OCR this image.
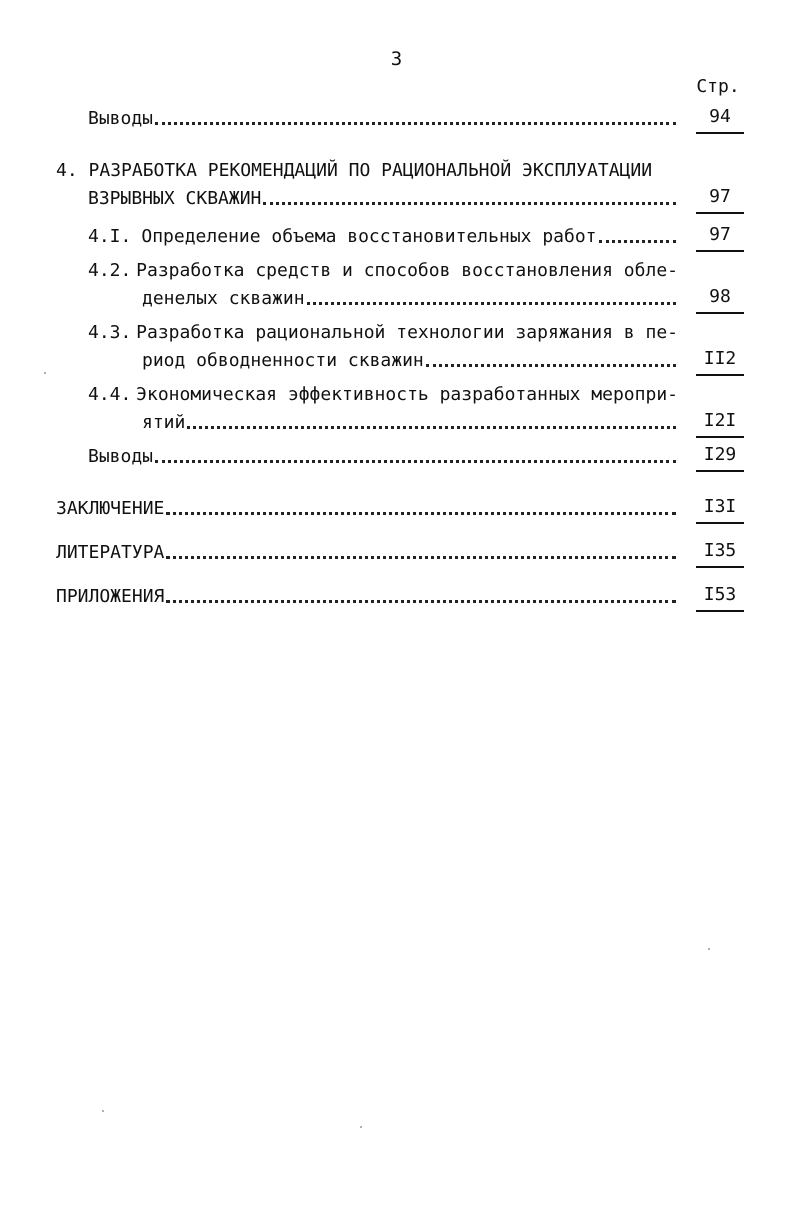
3
Стр.
Выводы	94
4. РАЗРАБОТКА РЕКОМЕНДАЦИЙ ПО РАЦИОНАЛЬНОЙ ЭКСПЛУАТАЦИИ
ВЗРЫВНЫХ СКВАЖИН	97
4.I. Определение объема восстановительных работ	97
4.2. Разработка средств и способов восстановления обле-
денелых скважин	98
4.3. Разработка рациональной технологии заряжания в пе-
риод обводненности скважин	II2
4.4. Экономическая эффективность разработанных меропри-
ятий	I2I
Выводы	I29
ЗАКЛЮЧЕНИЕ	I3I
ЛИТЕРАТУРА	I35
ПРИЛОЖЕНИЯ	I53
